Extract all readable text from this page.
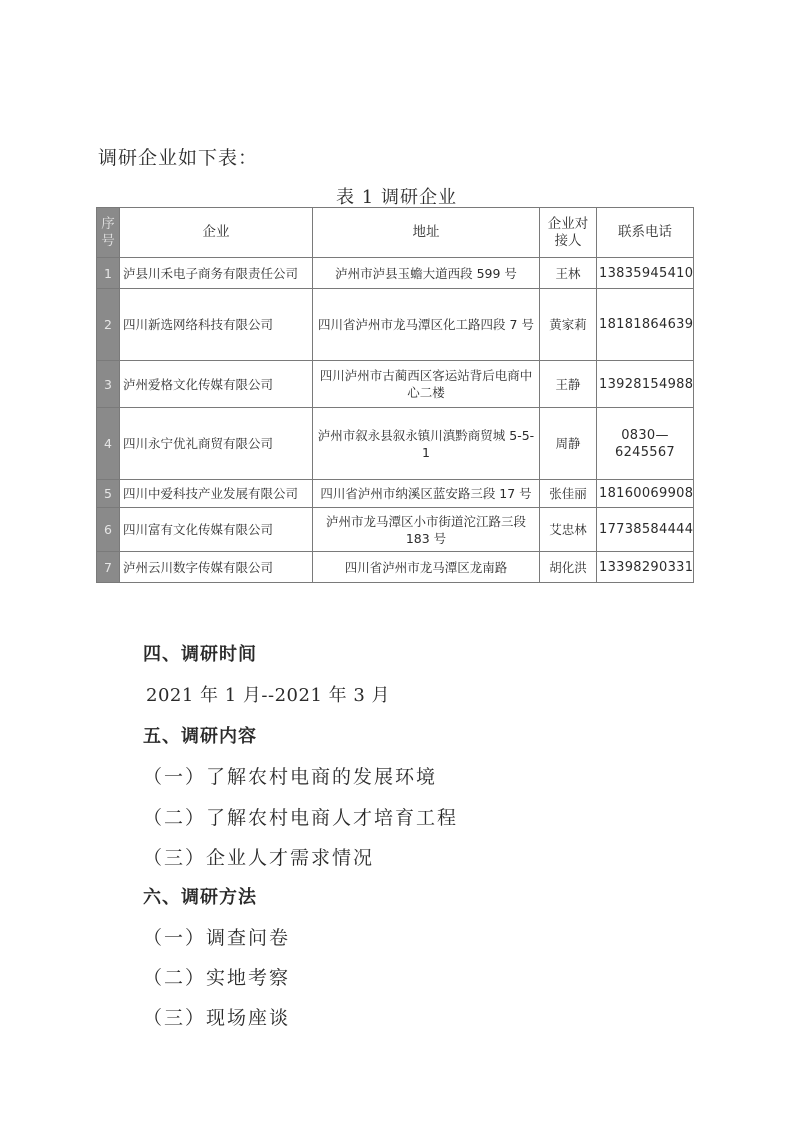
调研企业如下表：
表 1 调研企业
序号	企业	地址	企业对接人	联系电话
1	泸县川禾电子商务有限责任公司	泸州市泸县玉蟾大道西段 599 号	王林	13835945410
2	四川新选网络科技有限公司	四川省泸州市龙马潭区化工路四段 7 号	黄家莉	18181864639
3	泸州爱格文化传媒有限公司	四川泸州市古蔺西区客运站背后电商中心二楼	王静	13928154988
4	四川永宁优礼商贸有限公司	泸州市叙永县叙永镇川滇黔商贸城 5-5-1	周静	0830—6245567
5	四川中爱科技产业发展有限公司	四川省泸州市纳溪区蓝安路三段 17 号	张佳丽	18160069908
6	四川富有文化传媒有限公司	泸州市龙马潭区小市街道沱江路三段183 号	艾忠林	17738584444
7	泸州云川数字传媒有限公司	四川省泸州市龙马潭区龙南路	胡化洪	13398290331
四、调研时间
2021 年 1 月--2021 年 3 月
五、调研内容
（一）了解农村电商的发展环境
（二）了解农村电商人才培育工程
（三）企业人才需求情况
六、调研方法
（一）调查问卷
（二）实地考察
（三）现场座谈
